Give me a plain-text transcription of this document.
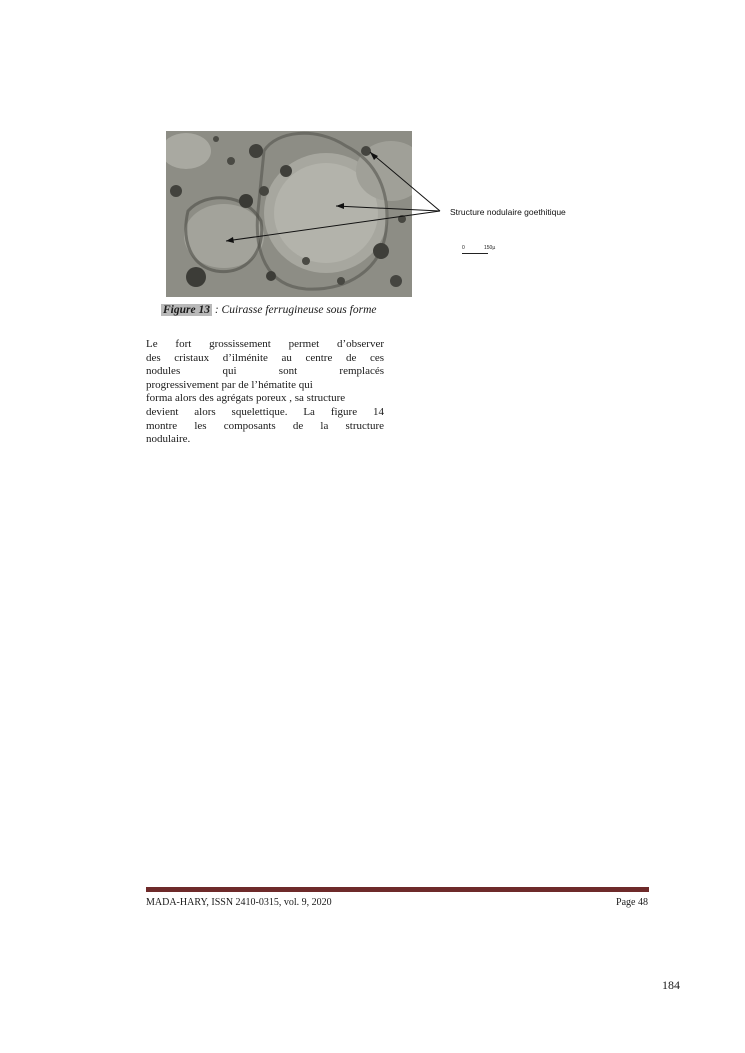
Structure nodulaire goethitique
0	150µ
Figure 13 : Cuirasse ferrugineuse sous forme

Le fort grossissement permet d’observer

des cristaux d’ilménite au centre de ces

nodules qui sont remplacés

progressivement par de l’hématite qui

forma alors des agrégats poreux , sa structure

devient alors squelettique. La figure 14

montre les composants de la structure

nodulaire.

MADA-HARY, ISSN 2410-0315, vol. 9, 2020	Page 48
184
